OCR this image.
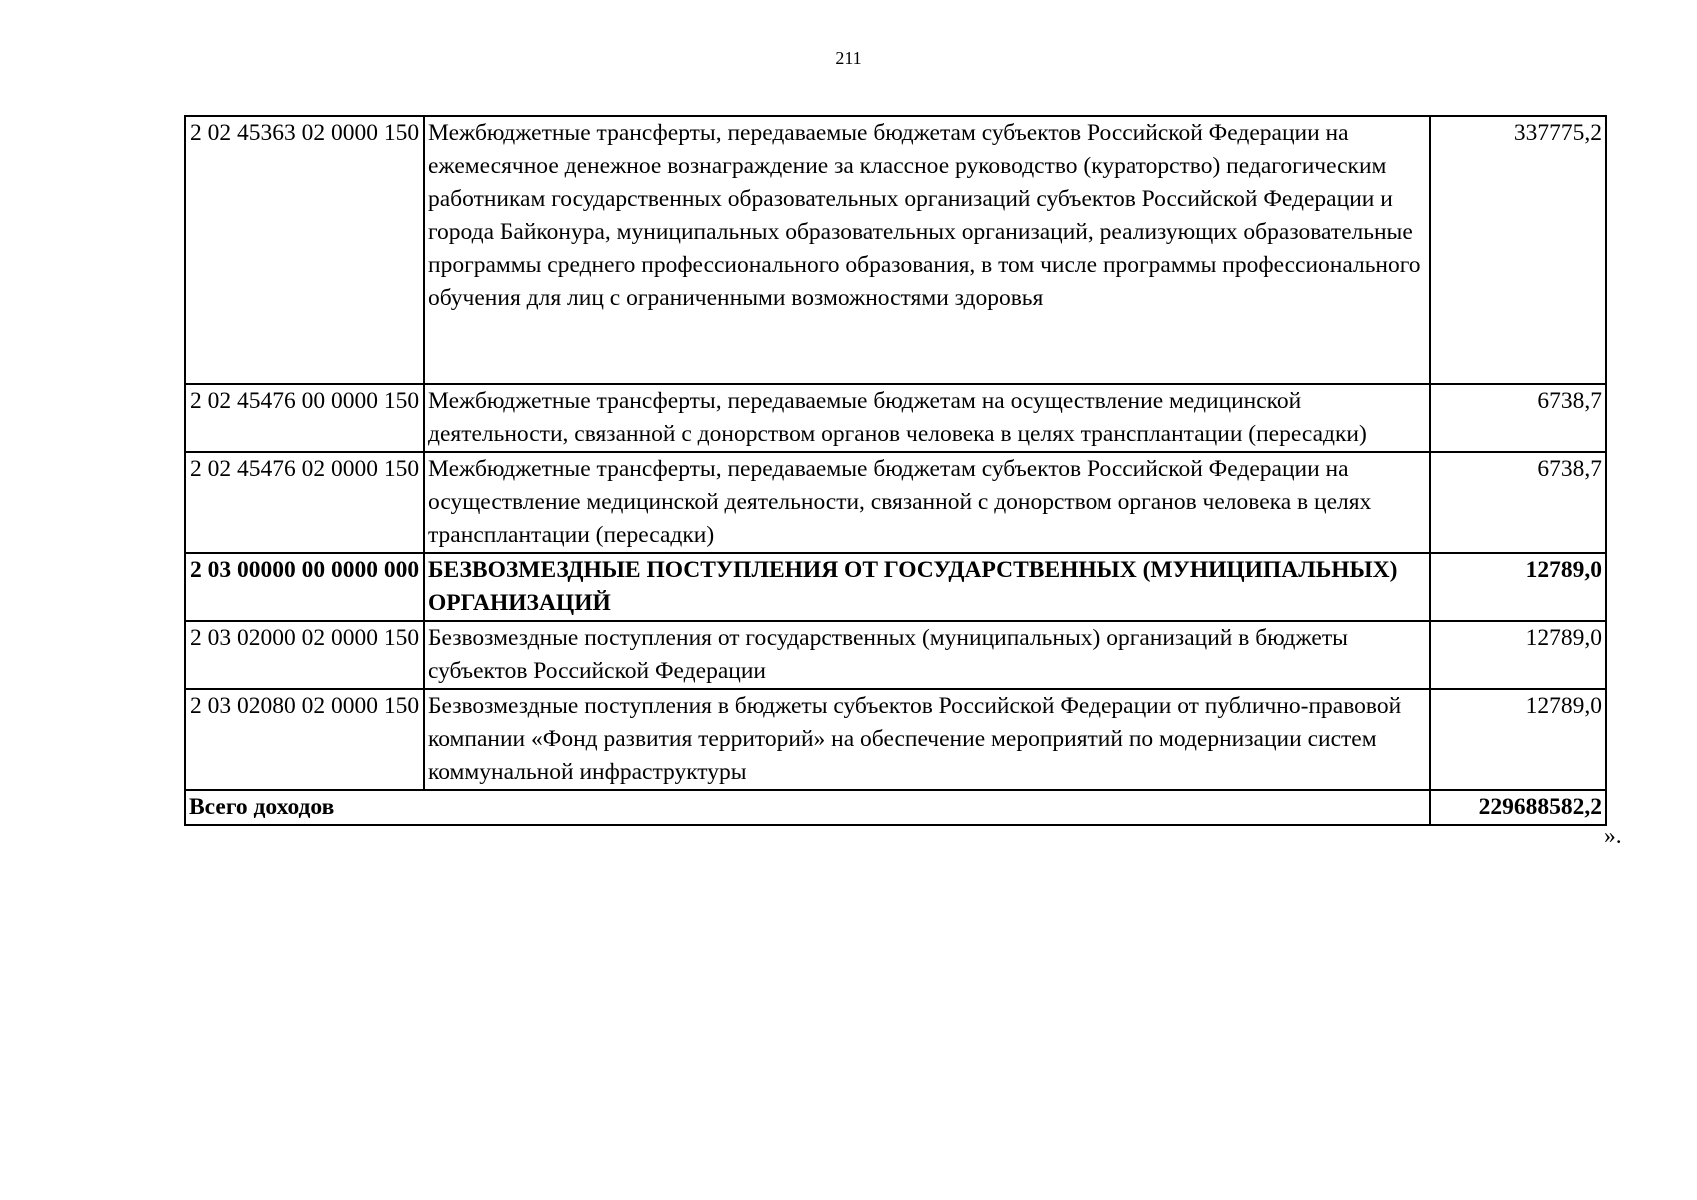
211
2 02 45363 02 0000 150	Межбюджетные трансферты, передаваемые бюджетам субъектов Российской Федерации на ежемесячное денежное вознаграждение за классное руководство (кураторство) педагогическим работникам государственных образовательных организаций субъектов Российской Федерации и города Байконура, муниципальных образовательных организаций, реализующих образовательные программы среднего профессионального образования, в том числе программы профессионального обучения для лиц с ограниченными возможностями здоровья	337775,2
2 02 45476 00 0000 150	Межбюджетные трансферты, передаваемые бюджетам на осуществление медицинской деятельности, связанной с донорством органов человека в целях трансплантации (пересадки)	6738,7
2 02 45476 02 0000 150	Межбюджетные трансферты, передаваемые бюджетам субъектов Российской Федерации на осуществление медицинской деятельности, связанной с донорством органов человека в целях трансплантации (пересадки)	6738,7
2 03 00000 00 0000 000	БЕЗВОЗМЕЗДНЫЕ ПОСТУПЛЕНИЯ ОТ ГОСУДАРСТВЕННЫХ (МУНИЦИПАЛЬНЫХ) ОРГАНИЗАЦИЙ	12789,0
2 03 02000 02 0000 150	Безвозмездные поступления от государственных (муниципальных) организаций в бюджеты субъектов Российской Федерации	12789,0
2 03 02080 02 0000 150	Безвозмездные поступления в бюджеты субъектов Российской Федерации от публично-правовой компании «Фонд развития территорий» на обеспечение мероприятий по модернизации систем коммунальной инфраструктуры	12789,0
Всего доходов		229688582,2
».
